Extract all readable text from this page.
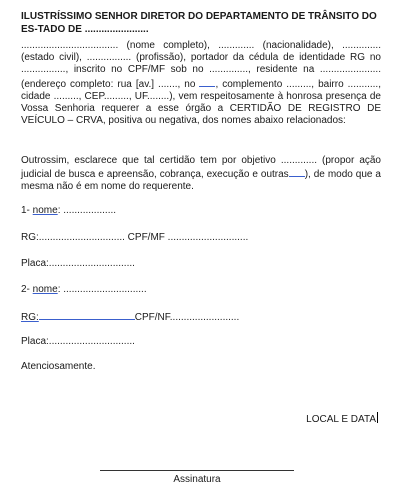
ILUSTRÍSSIMO SENHOR DIRETOR DO DEPARTAMENTO DE TRÂNSITO DO ES-TADO DE .......................
................................... (nome completo), ............. (nacionalidade), .............. (estado civil), ................ (profissão), portador da cédula de identidade RG no ................, inscrito no CPF/MF sob no .............., residente na ...................... (endereço completo: rua [av.] ......., no , complemento ........., bairro ..........., cidade ........., CEP........., UF........), vem respeitosamente à honrosa presença de Vossa Senhoria requerer a esse órgão a CERTIDÃO DE REGISTRO DE VEÍCULO – CRVA, positiva ou negativa, dos nomes abaixo relacionados:
Outrossim, esclarece que tal certidão tem por objetivo ............. (propor ação judicial de busca e apreensão, cobrança, execução e outras ), de modo que a mesma não é em nome do requerente.
1- nome: ...................
RG:............................... CPF/MF .............................
Placa:...............................
2- nome: ..............................
RG:	CPF/NF.........................
Placa:...............................
Atenciosamente.
LOCAL E DATA
Assinatura
